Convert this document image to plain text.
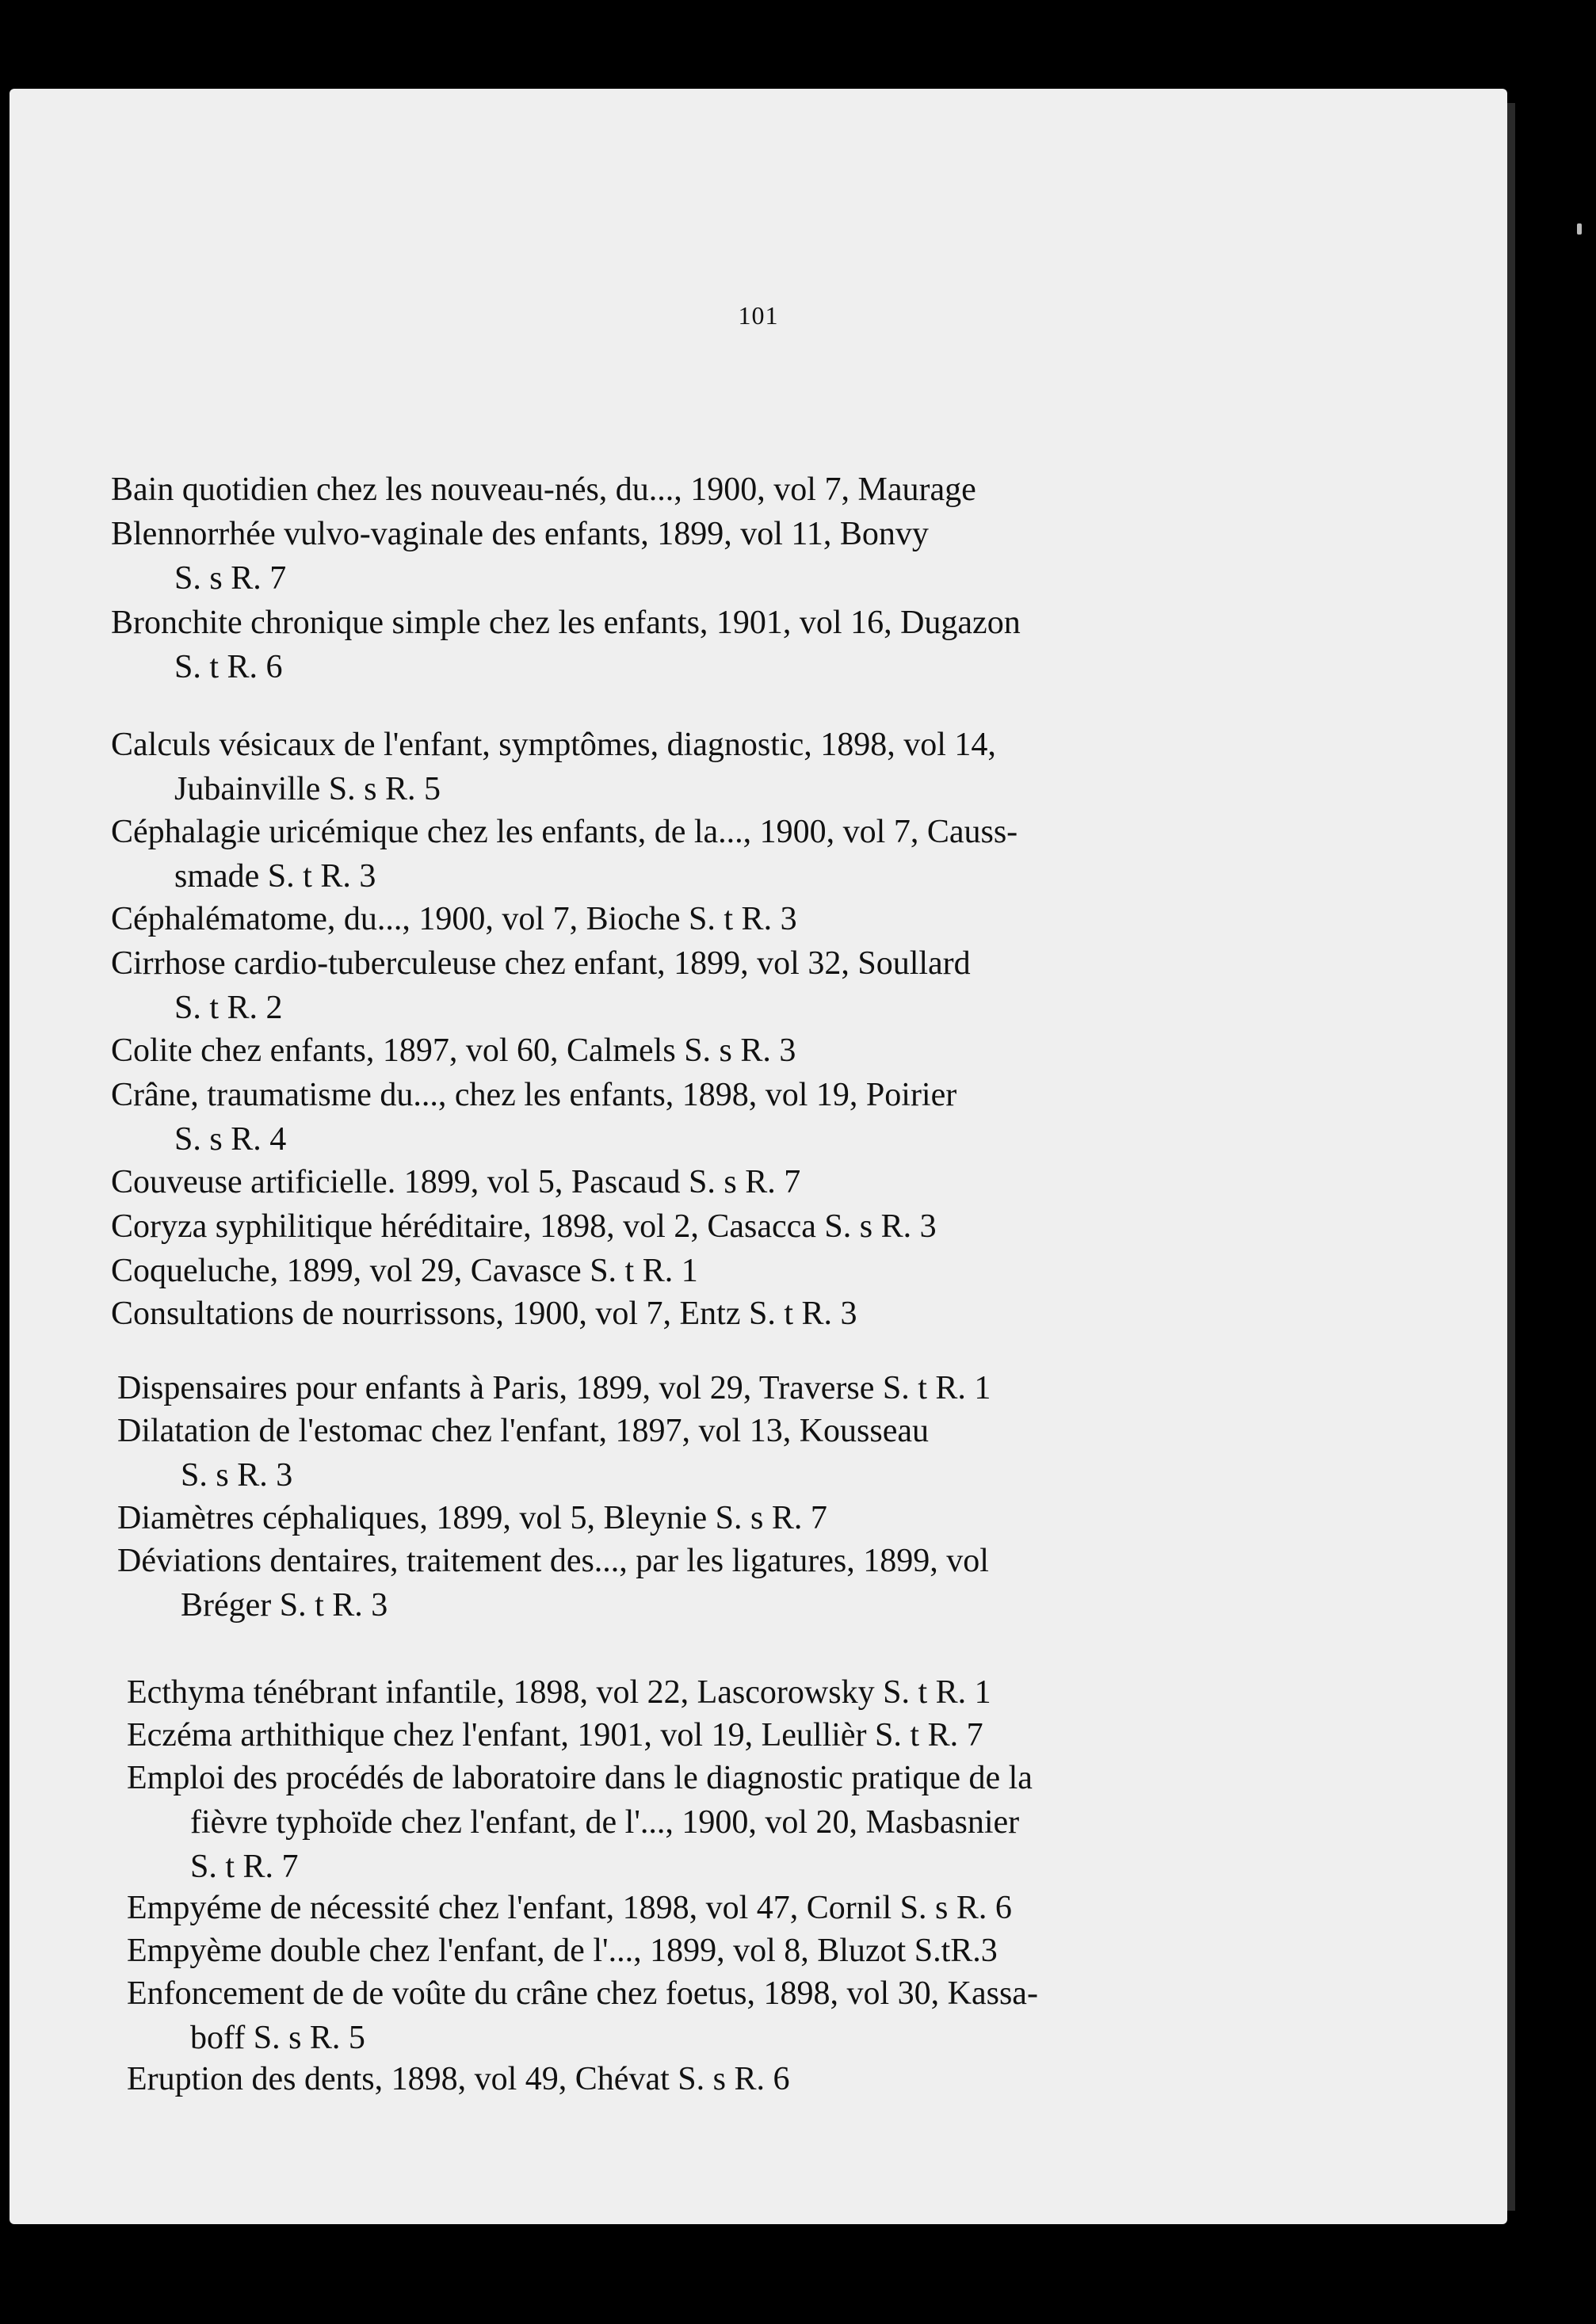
101
Bain quotidien chez les nouveau-nés, du..., 1900, vol 7, Maurage
Blennorrhée vulvo-vaginale des enfants, 1899, vol 11, Bonvy
S. s R. 7
Bronchite chronique simple chez les enfants, 1901, vol 16, Dugazon
S. t R. 6
Calculs vésicaux de l'enfant, symptômes, diagnostic, 1898, vol 14,
Jubainville S. s R. 5
Céphalagie uricémique chez les enfants, de la..., 1900, vol 7, Causs-
smade S. t R. 3
Céphalématome, du..., 1900, vol 7, Bioche S. t R. 3
Cirrhose cardio-tuberculeuse chez enfant, 1899, vol 32, Soullard
S. t R. 2
Colite chez enfants, 1897, vol 60, Calmels S. s R. 3
Crâne, traumatisme du..., chez les enfants, 1898, vol 19, Poirier
S. s R. 4
Couveuse artificielle. 1899, vol 5, Pascaud S. s R. 7
Coryza syphilitique héréditaire, 1898, vol 2, Casacca S. s R. 3
Coqueluche, 1899, vol 29, Cavasce S. t R. 1
Consultations de nourrissons, 1900, vol 7, Entz S. t R. 3
Dispensaires pour enfants à Paris, 1899, vol 29, Traverse S. t R. 1
Dilatation de l'estomac chez l'enfant, 1897, vol 13, Kousseau
S. s R. 3
Diamètres céphaliques, 1899, vol 5, Bleynie S. s R. 7
Déviations dentaires, traitement des..., par les ligatures, 1899, vol
Bréger S. t R. 3
Ecthyma ténébrant infantile, 1898, vol 22, Lascorowsky S. t R. 1
Eczéma arthithique chez l'enfant, 1901, vol 19, Leullièr S. t R. 7
Emploi des procédés de laboratoire dans le diagnostic pratique de la
fièvre typhoïde chez l'enfant, de l'..., 1900, vol 20, Masbasnier
S. t R. 7
Empyéme de nécessité chez l'enfant, 1898, vol 47, Cornil S. s R. 6
Empyème double chez l'enfant, de l'..., 1899, vol 8, Bluzot S.tR.3
Enfoncement de de voûte du crâne chez foetus, 1898, vol 30, Kassa-
boff S. s R. 5
Eruption des dents, 1898, vol 49, Chévat S. s R. 6
